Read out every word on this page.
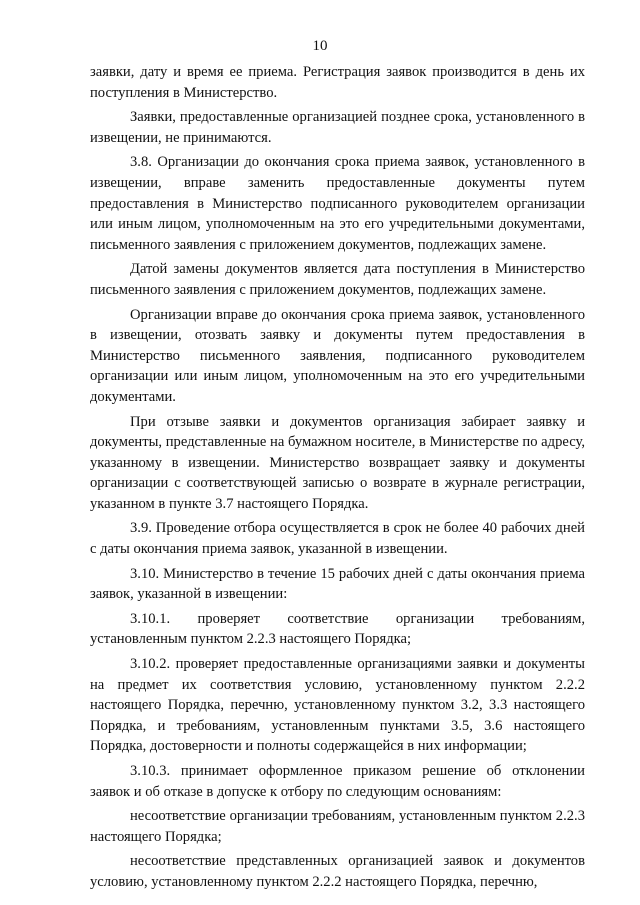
10

заявки, дату и время ее приема. Регистрация заявок производится в день их поступления в Министерство.

Заявки, предоставленные организацией позднее срока, установленного в извещении, не принимаются.

3.8. Организации до окончания срока приема заявок, установленного в извещении, вправе заменить предоставленные документы путем предоставления в Министерство подписанного руководителем организации или иным лицом, уполномоченным на это его учредительными документами, письменного заявления с приложением документов, подлежащих замене.

Датой замены документов является дата поступления в Министерство письменного заявления с приложением документов, подлежащих замене.

Организации вправе до окончания срока приема заявок, установленного в извещении, отозвать заявку и документы путем предоставления в Министерство письменного заявления, подписанного руководителем организации или иным лицом, уполномоченным на это его учредительными документами.

При отзыве заявки и документов организация забирает заявку и документы, представленные на бумажном носителе, в Министерстве по адресу, указанному в извещении. Министерство возвращает заявку и документы организации с соответствующей записью о возврате в журнале регистрации, указанном в пункте 3.7 настоящего Порядка.

3.9. Проведение отбора осуществляется в срок не более 40 рабочих дней с даты окончания приема заявок, указанной в извещении.

3.10. Министерство в течение 15 рабочих дней с даты окончания приема заявок, указанной в извещении:

3.10.1. проверяет соответствие организации требованиям, установленным пунктом 2.2.3 настоящего Порядка;

3.10.2. проверяет предоставленные организациями заявки и документы на предмет их соответствия условию, установленному пунктом 2.2.2 настоящего Порядка, перечню, установленному пунктом 3.2, 3.3 настоящего Порядка, и требованиям, установленным пунктами 3.5, 3.6 настоящего Порядка, достоверности и полноты содержащейся в них информации;

3.10.3. принимает оформленное приказом решение об отклонении заявок и об отказе в допуске к отбору по следующим основаниям:

несоответствие организации требованиям, установленным пунктом 2.2.3 настоящего Порядка;

несоответствие представленных организацией заявок и документов условию, установленному пунктом 2.2.2 настоящего Порядка, перечню,
